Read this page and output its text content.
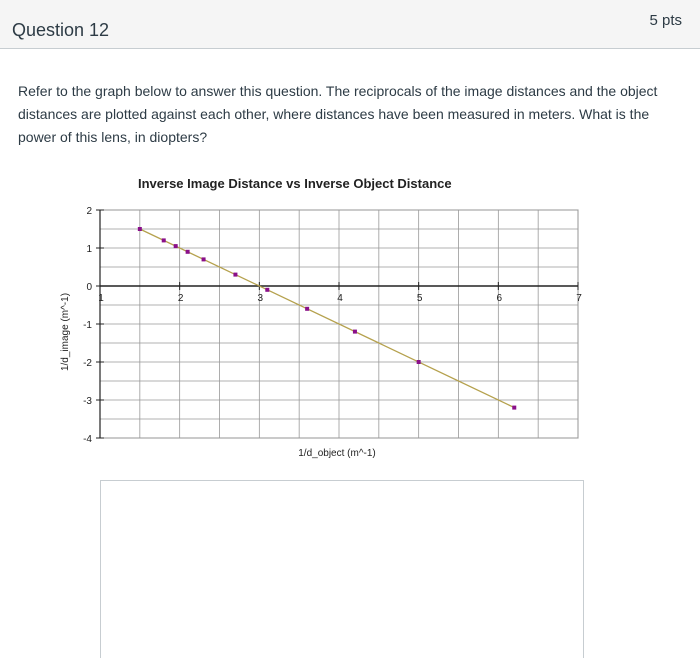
Question 12	5 pts
Refer to the graph below to answer this question. The reciprocals of the image distances and the object distances are plotted against each other, where distances have been measured in meters. What is the power of this lens, in diopters?
Inverse Image Distance vs Inverse Object Distance
1	2	3	4	5	6	7
2
1
0
-1
-2
-3
-4
1/d_object (m^-1)
1/d_image (m^-1)
